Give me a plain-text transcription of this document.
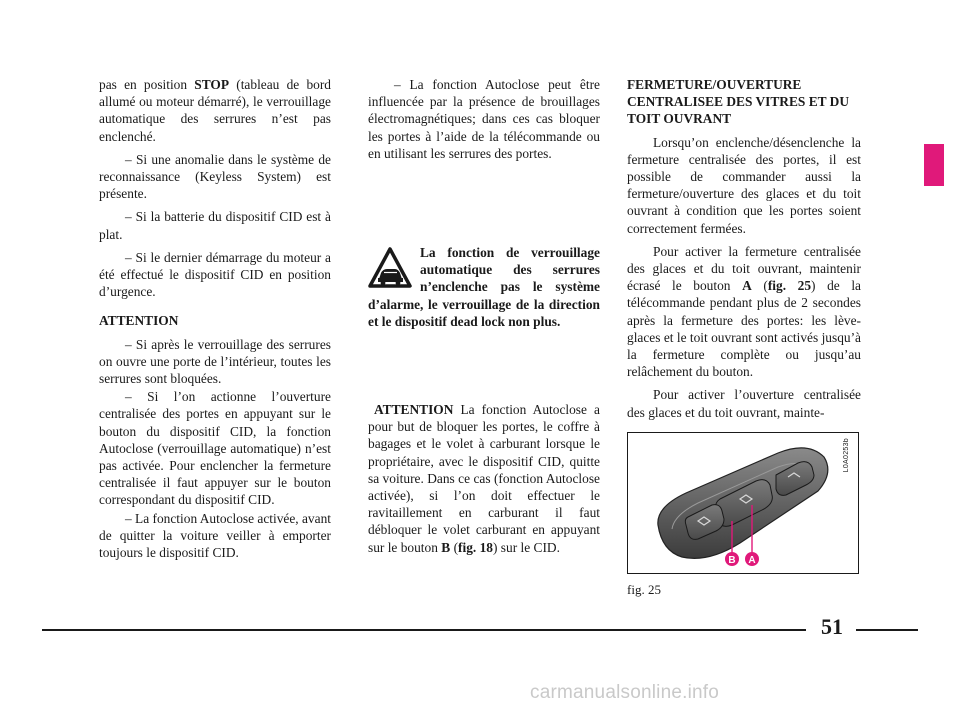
pas en position STOP (tableau de bord allumé ou moteur démarré), le verrouillage automatique des serrures n’est pas enclenché.

– Si une anomalie dans le système de reconnaissance (Keyless System) est présente.

– Si la batterie du dispositif CID est à plat.

– Si le dernier démarrage du moteur a été effectué le dispositif CID en position d’urgence.

ATTENTION

– Si après le verrouillage des serrures on ouvre une porte de l’intérieur, toutes les serrures sont bloquées.

– Si l’on actionne l’ouverture centralisée des portes en appuyant sur le bouton du dispositif CID, la fonction Autoclose (verrouillage automatique) n’est pas activée. Pour enclencher la fermeture centralisée il faut appuyer sur le bouton correspondant du dispositif CID.

– La fonction Autoclose activée, avant de quitter la voiture veiller à emporter toujours le dispositif CID.

– La fonction Autoclose peut être influencée par la présence de brouillages électromagnétiques; dans ces cas bloquer les portes à l’aide de la télécommande ou en utilisant les serrures des portes.

La fonction de verrouillage automatique des serrures n’enclenche pas le système d’alarme, le verrouillage de la direction et le dispositif dead lock non plus.
ATTENTION La fonction Autoclose a pour but de bloquer les portes, le coffre à bagages et le volet à carburant lorsque le propriétaire, avec le dispositif CID, quitte sa voiture. Dans ce cas (fonction Autoclose activée), si l’on doit effectuer le ravitaillement en carburant il faut débloquer le volet carburant en appuyant sur le bouton B (fig. 18) sur le CID.

FERMETURE/OUVERTURE CENTRALISEE DES VITRES ET DU TOIT OUVRANT

Lorsqu’on enclenche/désenclenche la fermeture centralisée des portes, il est possible de commander aussi la fermeture/ouverture des glaces et du toit ouvrant à condition que les portes soient correctement fermées.

Pour activer la fermeture centralisée des glaces et du toit ouvrant, maintenir écrasé le bouton A (fig. 25) de la télécommande pendant plus de 2 secondes après la fermeture des portes: les lève-glaces et le toit ouvrant sont activés jusqu’à la fermeture complète ou jusqu’au relâchement du bouton.

Pour activer l’ouverture centralisée des glaces et du toit ouvrant, mainte-

B A
L0A0253b
fig. 25
51
carmanualsonline.info
